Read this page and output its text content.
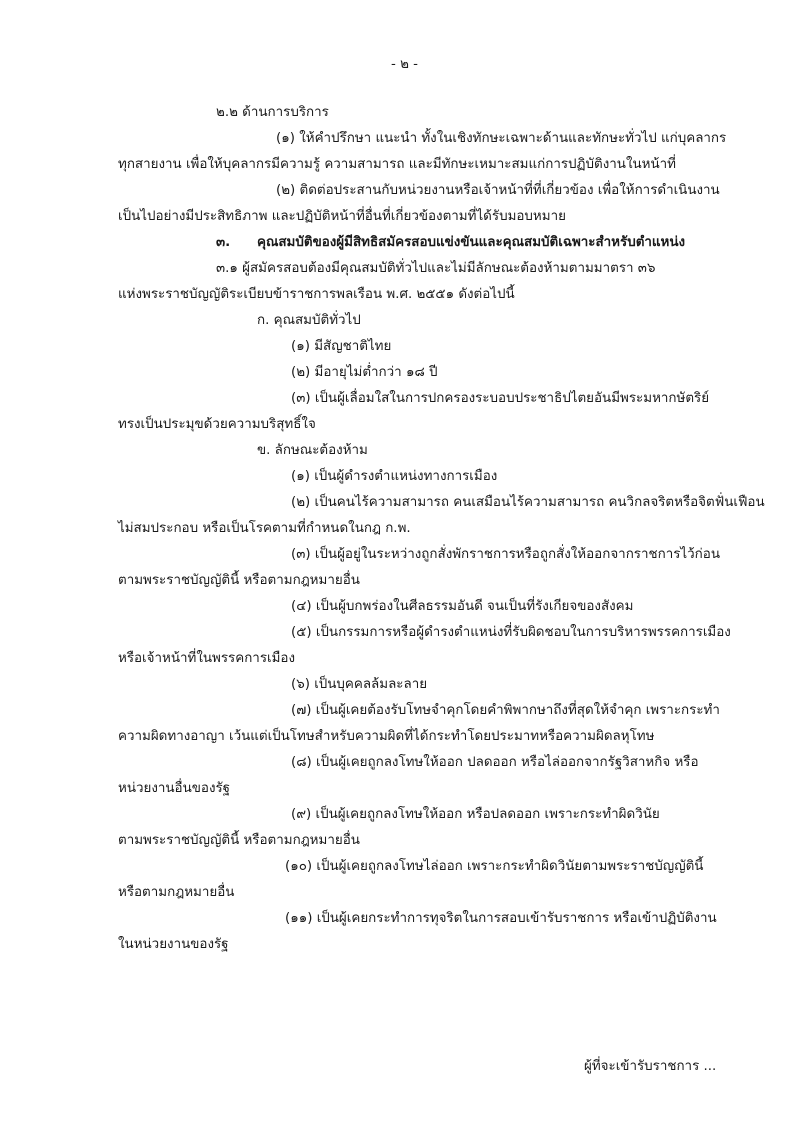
- ๒ -
๒.๒ ด้านการบริการ
(๑) ให้คำปรึกษา แนะนำ ทั้งในเชิงทักษะเฉพาะด้านและทักษะทั่วไป แก่บุคลากร
ทุกสายงาน เพื่อให้บุคลากรมีความรู้ ความสามารถ และมีทักษะเหมาะสมแก่การปฏิบัติงานในหน้าที่
(๒) ติดต่อประสานกับหน่วยงานหรือเจ้าหน้าที่ที่เกี่ยวข้อง เพื่อให้การดำเนินงาน
เป็นไปอย่างมีประสิทธิภาพ และปฏิบัติหน้าที่อื่นที่เกี่ยวข้องตามที่ได้รับมอบหมาย
๓. คุณสมบัติของผู้มีสิทธิสมัครสอบแข่งขันและคุณสมบัติเฉพาะสำหรับตำแหน่ง
๓.๑ ผู้สมัครสอบต้องมีคุณสมบัติทั่วไปและไม่มีลักษณะต้องห้ามตามมาตรา ๓๖
แห่งพระราชบัญญัติระเบียบข้าราชการพลเรือน พ.ศ. ๒๕๕๑ ดังต่อไปนี้
ก. คุณสมบัติทั่วไป
(๑) มีสัญชาติไทย
(๒) มีอายุไม่ต่ำกว่า ๑๘ ปี
(๓) เป็นผู้เลื่อมใสในการปกครองระบอบประชาธิปไตยอันมีพระมหากษัตริย์
ทรงเป็นประมุขด้วยความบริสุทธิ์ใจ
ข. ลักษณะต้องห้าม
(๑) เป็นผู้ดำรงตำแหน่งทางการเมือง
(๒) เป็นคนไร้ความสามารถ คนเสมือนไร้ความสามารถ คนวิกลจริตหรือจิตฟั่นเฟือน
ไม่สมประกอบ หรือเป็นโรคตามที่กำหนดในกฎ ก.พ.
(๓) เป็นผู้อยู่ในระหว่างถูกสั่งพักราชการหรือถูกสั่งให้ออกจากราชการไว้ก่อน
ตามพระราชบัญญัตินี้ หรือตามกฎหมายอื่น
(๔) เป็นผู้บกพร่องในศีลธรรมอันดี จนเป็นที่รังเกียจของสังคม
(๕) เป็นกรรมการหรือผู้ดำรงตำแหน่งที่รับผิดชอบในการบริหารพรรคการเมือง
หรือเจ้าหน้าที่ในพรรคการเมือง
(๖) เป็นบุคคลล้มละลาย
(๗) เป็นผู้เคยต้องรับโทษจำคุกโดยคำพิพากษาถึงที่สุดให้จำคุก เพราะกระทำ
ความผิดทางอาญา เว้นแต่เป็นโทษสำหรับความผิดที่ได้กระทำโดยประมาทหรือความผิดลหุโทษ
(๘) เป็นผู้เคยถูกลงโทษให้ออก ปลดออก หรือไล่ออกจากรัฐวิสาหกิจ หรือ
หน่วยงานอื่นของรัฐ
(๙) เป็นผู้เคยถูกลงโทษให้ออก หรือปลดออก เพราะกระทำผิดวินัย
ตามพระราชบัญญัตินี้ หรือตามกฎหมายอื่น
(๑๐) เป็นผู้เคยถูกลงโทษไล่ออก เพราะกระทำผิดวินัยตามพระราชบัญญัตินี้
หรือตามกฎหมายอื่น
(๑๑) เป็นผู้เคยกระทำการทุจริตในการสอบเข้ารับราชการ หรือเข้าปฏิบัติงาน
ในหน่วยงานของรัฐ
ผู้ที่จะเข้ารับราชการ ...
